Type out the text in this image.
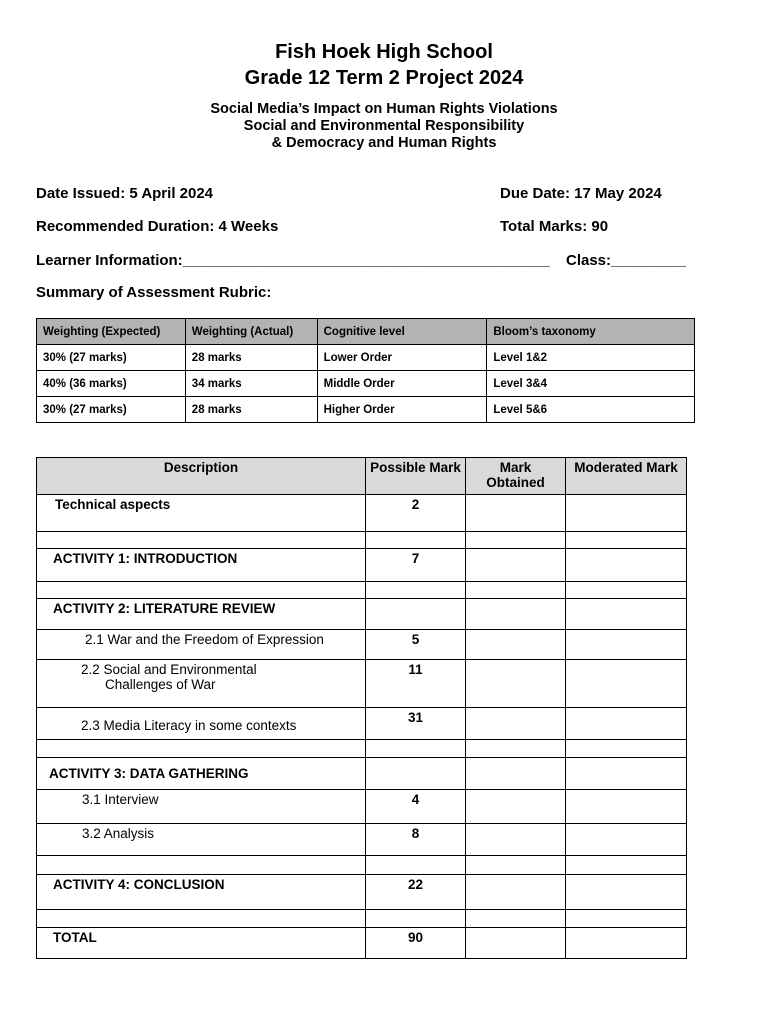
Fish Hoek High School
Grade 12 Term 2 Project 2024
Social Media’s Impact on Human Rights Violations
Social and Environmental Responsibility
& Democracy and Human Rights
Date Issued: 5 April 2024	Due Date: 17 May 2024
Recommended Duration: 4 Weeks	Total Marks: 90
Learner Information:____________________________________________ Class:_________
Summary of Assessment Rubric:
Weighting (Expected)	Weighting (Actual)	Cognitive level	Bloom’s taxonomy
30% (27 marks)	28 marks	Lower Order	Level 1&2
40% (36 marks)	34 marks	Middle Order	Level 3&4
30% (27 marks)	28 marks	Higher Order	Level 5&6
Description	Possible Mark	Mark Obtained	Moderated Mark
Technical aspects	2		

ACTIVITY 1: INTRODUCTION	7		

ACTIVITY 2: LITERATURE REVIEW			
2.1 War and the Freedom of Expression	5		
2.2 Social and Environmental
Challenges of War	11		
2.3 Media Literacy in some contexts	31		

ACTIVITY 3: DATA GATHERING			
3.1 Interview	4		
3.2 Analysis	8		

ACTIVITY 4: CONCLUSION	22		

TOTAL	90		
